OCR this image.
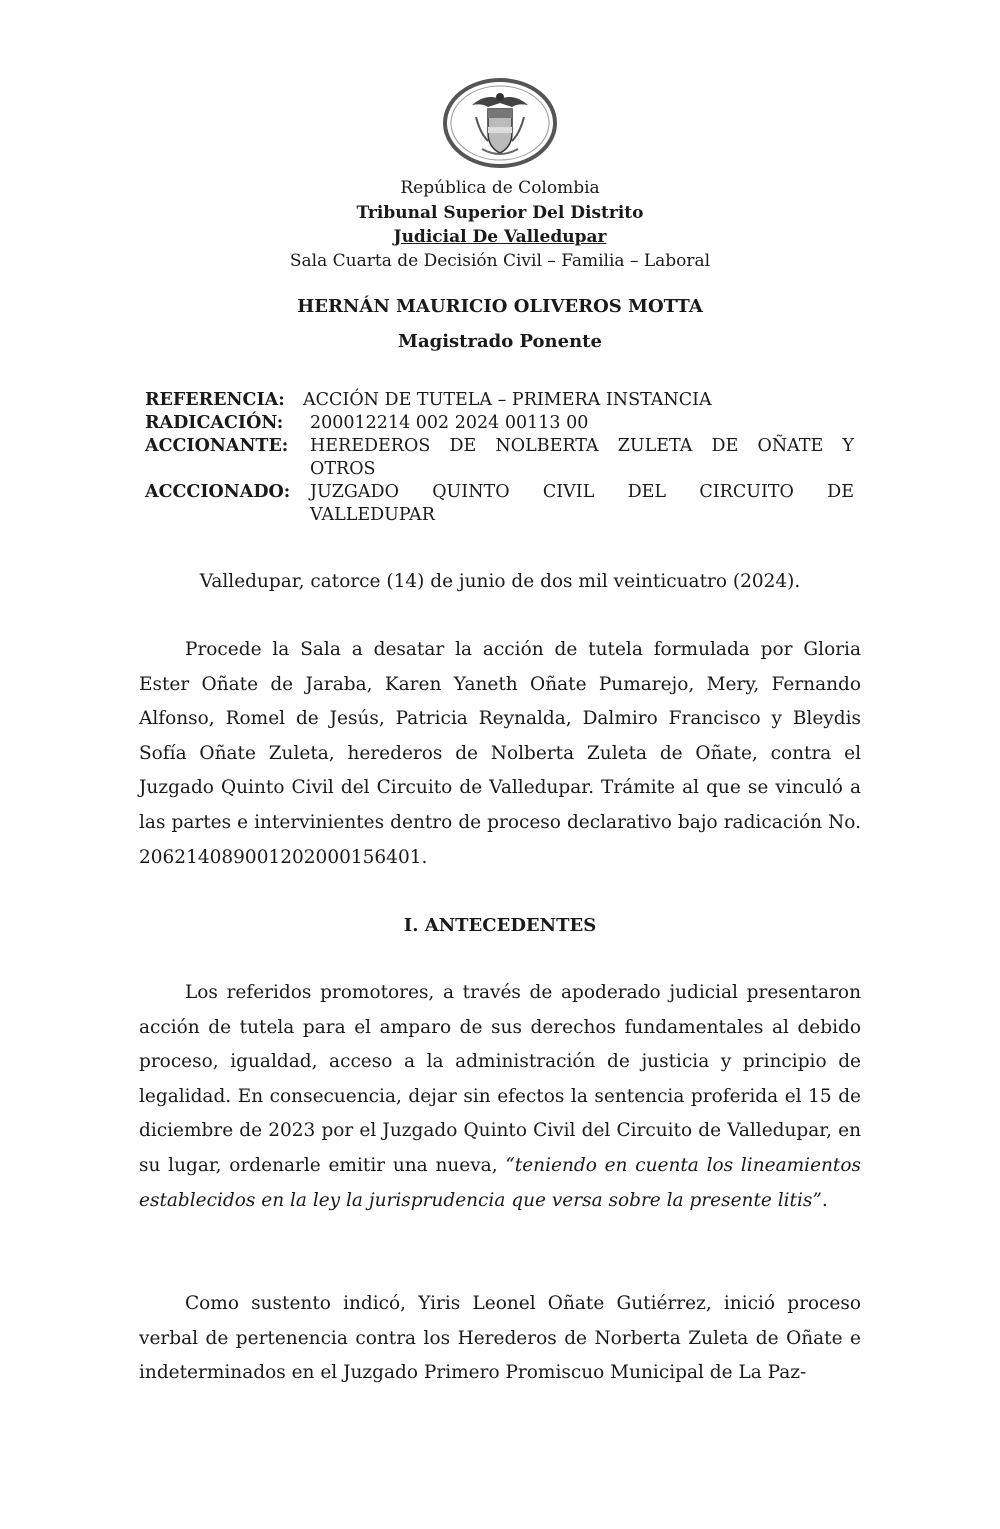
República de Colombia
Tribunal Superior Del Distrito
Judicial De Valledupar
Sala Cuarta de Decisión Civil – Familia – Laboral
HERNÁN MAURICIO OLIVEROS MOTTA
Magistrado Ponente
REFERENCIA: ACCIÓN DE TUTELA – PRIMERA INSTANCIA
RADICACIÓN: 200012214 002 2024 00113 00
ACCIONANTE: HEREDEROS DE NOLBERTA ZULETA DE OÑATE Y
OTROS
ACCCIONADO: JUZGADO QUINTO CIVIL DEL CIRCUITO DE
VALLEDUPAR
Valledupar, catorce (14) de junio de dos mil veinticuatro (2024).

Procede la Sala a desatar la acción de tutela formulada por Gloria Ester Oñate de Jaraba, Karen Yaneth Oñate Pumarejo, Mery, Fernando Alfonso, Romel de Jesús, Patricia Reynalda, Dalmiro Francisco y Bleydis Sofía Oñate Zuleta, herederos de Nolberta Zuleta de Oñate, contra el Juzgado Quinto Civil del Circuito de Valledupar. Trámite al que se vinculó a las partes e intervinientes dentro de proceso declarativo bajo radicación No. 20621408900120200015640​1.

I. ANTECEDENTES

Los referidos promotores, a través de apoderado judicial presentaron acción de tutela para el amparo de sus derechos fundamentales al debido proceso, igualdad, acceso a la administración de justicia y principio de legalidad. En consecuencia, dejar sin efectos la sentencia proferida el 15 de diciembre de 2023 por el Juzgado Quinto Civil del Circuito de Valledupar, en su lugar, ordenarle emitir una nueva, “teniendo en cuenta los lineamientos establecidos en la ley la jurisprudencia que versa sobre la presente litis”.

Como sustento indicó, Yiris Leonel Oñate Gutiérrez, inició proceso verbal de pertenencia contra los Herederos de Norberta Zuleta de Oñate e indeterminados en el Juzgado Primero Promiscuo Municipal de La Paz-
